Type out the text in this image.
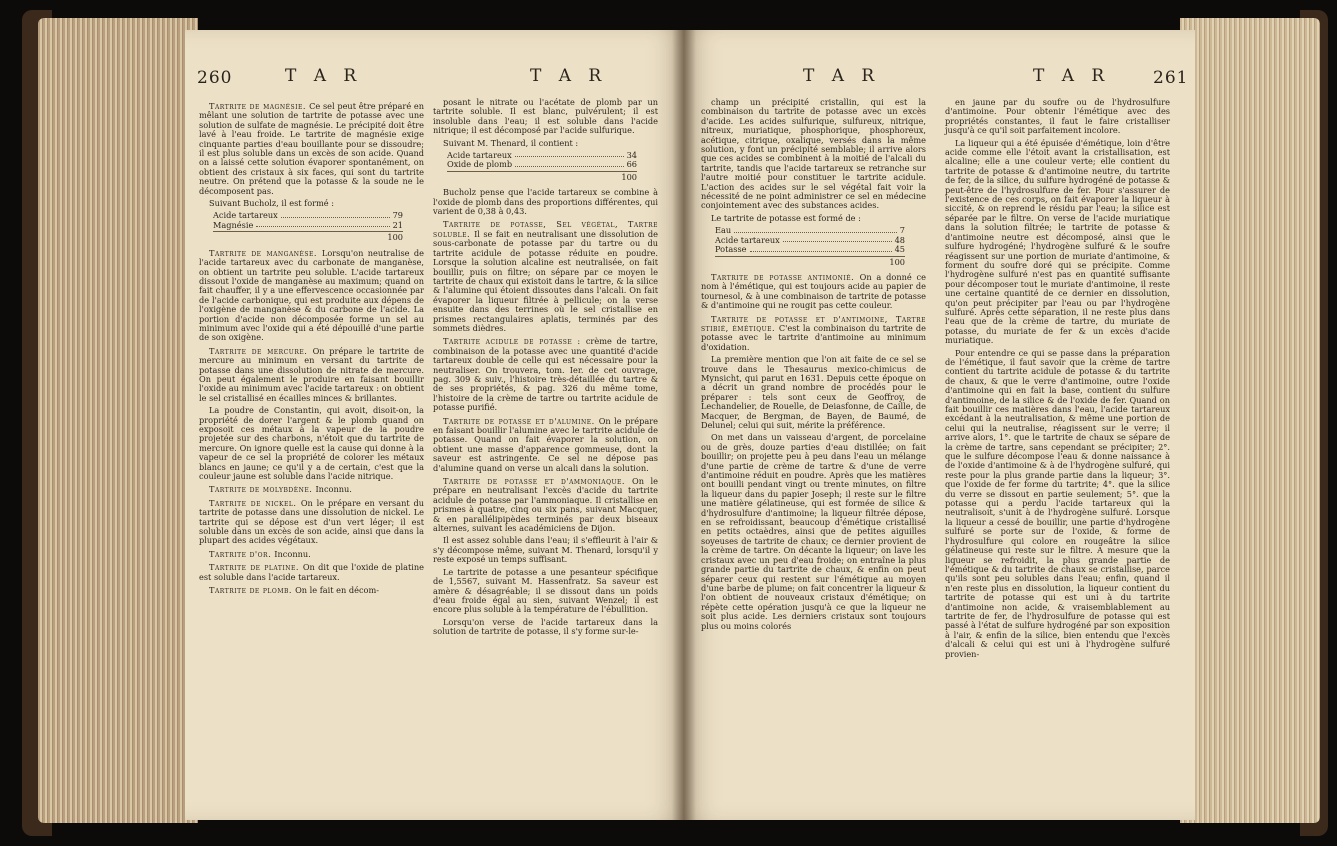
260	T A R	T A R

Tartrite de magnésie. Ce sel peut être préparé en mêlant une solution de tartrite de potasse avec une solution de sulfate de magnésie. Le précipité doit être lavé à l'eau froide. Le tartrite de magnésie exige cinquante parties d'eau bouillante pour se dissoudre; il est plus soluble dans un excès de son acide. Quand on a laissé cette solution évaporer spontanément, on obtient des cristaux à six faces, qui sont du tartrite neutre. On prétend que la potasse & la soude ne le décomposent pas.

Suivant Bucholz, il est formé :

Acide tartareux	79
Magnésie	21
100

Tartrite de manganèse. Lorsqu'on neutralise de l'acide tartareux avec du carbonate de manganèse, on obtient un tartrite peu soluble. L'acide tartareux dissout l'oxide de manganèse au maximum; quand on fait chauffer, il y a une effervescence occasionnée par de l'acide carbonique, qui est produite aux dépens de l'oxigène de manganèse & du carbone de l'acide. La portion d'acide non décomposée forme un sel au minimum avec l'oxide qui a été dépouillé d'une partie de son oxigène.

Tartrite de mercure. On prépare le tartrite de mercure au minimum en versant du tartrite de potasse dans une dissolution de nitrate de mercure. On peut également le produire en faisant bouillir l'oxide au minimum avec l'acide tartareux : on obtient le sel cristallisé en écailles minces & brillantes.

La poudre de Constantin, qui avoit, disoit-on, la propriété de dorer l'argent & le plomb quand on exposoit ces métaux à la vapeur de la poudre projetée sur des charbons, n'étoit que du tartrite de mercure. On ignore quelle est la cause qui donne à la vapeur de ce sel la propriété de colorer les métaux blancs en jaune; ce qu'il y a de certain, c'est que la couleur jaune est soluble dans l'acide nitrique.

Tartrite de molybdène. Inconnu.

Tartrite de nickel. On le prépare en versant du tartrite de potasse dans une dissolution de nickel. Le tartrite qui se dépose est d'un vert léger; il est soluble dans un excès de son acide, ainsi que dans la plupart des acides végétaux.

Tartrite d'or. Inconnu.

Tartrite de platine. On dit que l'oxide de platine est soluble dans l'acide tartareux.

Tartrite de plomb. On le fait en décom-

posant le nitrate ou l'acétate de plomb par un tartrite soluble. Il est blanc, pulvérulent; il est insoluble dans l'eau; il est soluble dans l'acide nitrique; il est décomposé par l'acide sulfurique.

Suivant M. Thenard, il contient :

Acide tartareux	34
Oxide de plomb	66
100

Bucholz pense que l'acide tartareux se combine à l'oxide de plomb dans des proportions différentes, qui varient de 0,38 à 0,43.

Tartrite de potasse, Sel végétal, Tartre soluble. Il se fait en neutralisant une dissolution de sous-carbonate de potasse par du tartre ou du tartrite acidule de potasse réduite en poudre. Lorsque la solution alcaline est neutralisée, on fait bouillir, puis on filtre; on sépare par ce moyen le tartrite de chaux qui existoit dans le tartre, & la silice & l'alumine qui étoient dissoutes dans l'alcali. On fait évaporer la liqueur filtrée à pellicule; on la verse ensuite dans des terrines où le sel cristallise en prismes rectangulaires aplatis, terminés par des sommets dièdres.

Tartrite acidule de potasse : crème de tartre, combinaison de la potasse avec une quantité d'acide tartareux double de celle qui est nécessaire pour la neutraliser. On trouvera, tom. Ier. de cet ouvrage, pag. 309 & suiv., l'histoire très-détaillée du tartre & de ses propriétés, & pag. 326 du même tome, l'histoire de la crème de tartre ou tartrite acidule de potasse purifié.

Tartrite de potasse et d'alumine. On le prépare en faisant bouillir l'alumine avec le tartrite acidule de potasse. Quand on fait évaporer la solution, on obtient une masse d'apparence gommeuse, dont la saveur est astringente. Ce sel ne dépose pas d'alumine quand on verse un alcali dans la solution.

Tartrite de potasse et d'ammoniaque. On le prépare en neutralisant l'excès d'acide du tartrite acidule de potasse par l'ammoniaque. Il cristallise en prismes à quatre, cinq ou six pans, suivant Macquer, & en parallélipipèdes terminés par deux biseaux alternes, suivant les académiciens de Dijon.

Il est assez soluble dans l'eau; il s'effleurit à l'air & s'y décompose même, suivant M. Thenard, lorsqu'il y reste exposé un temps suffisant.

Le tartrite de potasse a une pesanteur spécifique de 1,5567, suivant M. Hassenfratz. Sa saveur est amère & désagréable; il se dissout dans un poids d'eau froide égal au sien, suivant Wenzel; il est encore plus soluble à la température de l'ébullition.

Lorsqu'on verse de l'acide tartareux dans la solution de tartrite de potasse, il s'y forme sur-le-

T A R	T A R	261

champ un précipité cristallin, qui est la combinaison du tartrite de potasse avec un excès d'acide. Les acides sulfurique, sulfureux, nitrique, nitreux, muriatique, phosphorique, phosphoreux, acétique, citrique, oxalique, versés dans la même solution, y font un précipité semblable; il arrive alors que ces acides se combinent à la moitié de l'alcali du tartrite, tandis que l'acide tartareux se retranche sur l'autre moitié pour constituer le tartrite acidule. L'action des acides sur le sel végétal fait voir la nécessité de ne point administrer ce sel en médecine conjointement avec des substances acides.

Le tartrite de potasse est formé de :

Eau	7
Acide tartareux	48
Potasse	45
100

Tartrite de potasse antimonié. On a donné ce nom à l'émétique, qui est toujours acide au papier de tournesol, & à une combinaison de tartrite de potasse & d'antimoine qui ne rougit pas cette couleur.

Tartrite de potasse et d'antimoine, Tartre stibié, émétique. C'est la combinaison du tartrite de potasse avec le tartrite d'antimoine au minimum d'oxidation.

La première mention que l'on ait faite de ce sel se trouve dans le Thesaurus mexico-chimicus de Mynsicht, qui parut en 1631. Depuis cette époque on a décrit un grand nombre de procédés pour le préparer : tels sont ceux de Geoffroy, de Lechandelier, de Rouelle, de Deiasfonne, de Caille, de Macquer, de Bergman, de Bayen, de Baumé, de Delunel; celui qui suit, mérite la préférence.

On met dans un vaisseau d'argent, de porcelaine ou de grès, douze parties d'eau distillée; on fait bouillir; on projette peu à peu dans l'eau un mélange d'une partie de crème de tartre & d'une de verre d'antimoine réduit en poudre. Après que les matières ont bouilli pendant vingt ou trente minutes, on filtre la liqueur dans du papier Joseph; il reste sur le filtre une matière gélatineuse, qui est formée de silice & d'hydrosulfure d'antimoine; la liqueur filtrée dépose, en se refroidissant, beaucoup d'émétique cristallisé en petits octaèdres, ainsi que de petites aiguilles soyeuses de tartrite de chaux; ce dernier provient de la crème de tartre. On décante la liqueur; on lave les cristaux avec un peu d'eau froide; on entraîne la plus grande partie du tartrite de chaux, & enfin on peut séparer ceux qui restent sur l'émétique au moyen d'une barbe de plume; on fait concentrer la liqueur & l'on obtient de nouveaux cristaux d'émétique; on répète cette opération jusqu'à ce que la liqueur ne soit plus acide. Les derniers cristaux sont toujours plus ou moins colorés

en jaune par du soufre ou de l'hydrosulfure d'antimoine. Pour obtenir l'émétique avec des propriétés constantes, il faut le faire cristalliser jusqu'à ce qu'il soit parfaitement incolore.

La liqueur qui a été épuisée d'émétique, loin d'être acide comme elle l'étoit avant la cristallisation, est alcaline; elle a une couleur verte; elle contient du tartrite de potasse & d'antimoine neutre, du tartrite de fer, de la silice, du sulfure hydrogéné de potasse & peut-être de l'hydrosulfure de fer. Pour s'assurer de l'existence de ces corps, on fait évaporer la liqueur à siccité, & on reprend le résidu par l'eau; la silice est séparée par le filtre. On verse de l'acide muriatique dans la solution filtrée; le tartrite de potasse & d'antimoine neutre est décomposé, ainsi que le sulfure hydrogéné; l'hydrogène sulfuré & le soufre réagissent sur une portion de muriate d'antimoine, & forment du soufre doré qui se précipite. Comme l'hydrogène sulfuré n'est pas en quantité suffisante pour décomposer tout le muriate d'antimoine, il reste une certaine quantité de ce dernier en dissolution, qu'on peut précipiter par l'eau ou par l'hydrogène sulfuré. Après cette séparation, il ne reste plus dans l'eau que de la crème de tartre, du muriate de potasse, du muriate de fer & un excès d'acide muriatique.

Pour entendre ce qui se passe dans la préparation de l'émétique, il faut savoir que la crème de tartre contient du tartrite acidule de potasse & du tartrite de chaux, & que le verre d'antimoine, outre l'oxide d'antimoine qui en fait la base, contient du sulfure d'antimoine, de la silice & de l'oxide de fer. Quand on fait bouillir ces matières dans l'eau, l'acide tartareux excédant à la neutralisation, & même une portion de celui qui la neutralise, réagissent sur le verre; il arrive alors, 1°. que le tartrite de chaux se sépare de la crème de tartre, sans cependant se précipiter; 2°. que le sulfure décompose l'eau & donne naissance à de l'oxide d'antimoine & à de l'hydrogène sulfuré, qui reste pour la plus grande partie dans la liqueur; 3°. que l'oxide de fer forme du tartrite; 4°. que la silice du verre se dissout en partie seulement; 5°. que la potasse qui a perdu l'acide tartareux qui la neutralisoit, s'unit à de l'hydrogène sulfuré. Lorsque la liqueur a cessé de bouillir, une partie d'hydrogène sulfuré se porte sur de l'oxide, & forme de l'hydrosulfure qui colore en rougeâtre la silice gélatineuse qui reste sur le filtre. A mesure que la liqueur se refroidit, la plus grande partie de l'émétique & du tartrite de chaux se cristallise, parce qu'ils sont peu solubles dans l'eau; enfin, quand il n'en reste plus en dissolution, la liqueur contient du tartrite de potasse qui est uni à du tartrite d'antimoine non acide, & vraisemblablement au tartrite de fer, de l'hydrosulfure de potasse qui est passé à l'état de sulfure hydrogéné par son exposition à l'air, & enfin de la silice, bien entendu que l'excès d'alcali & celui qui est uni à l'hydrogène sulfuré provien-
